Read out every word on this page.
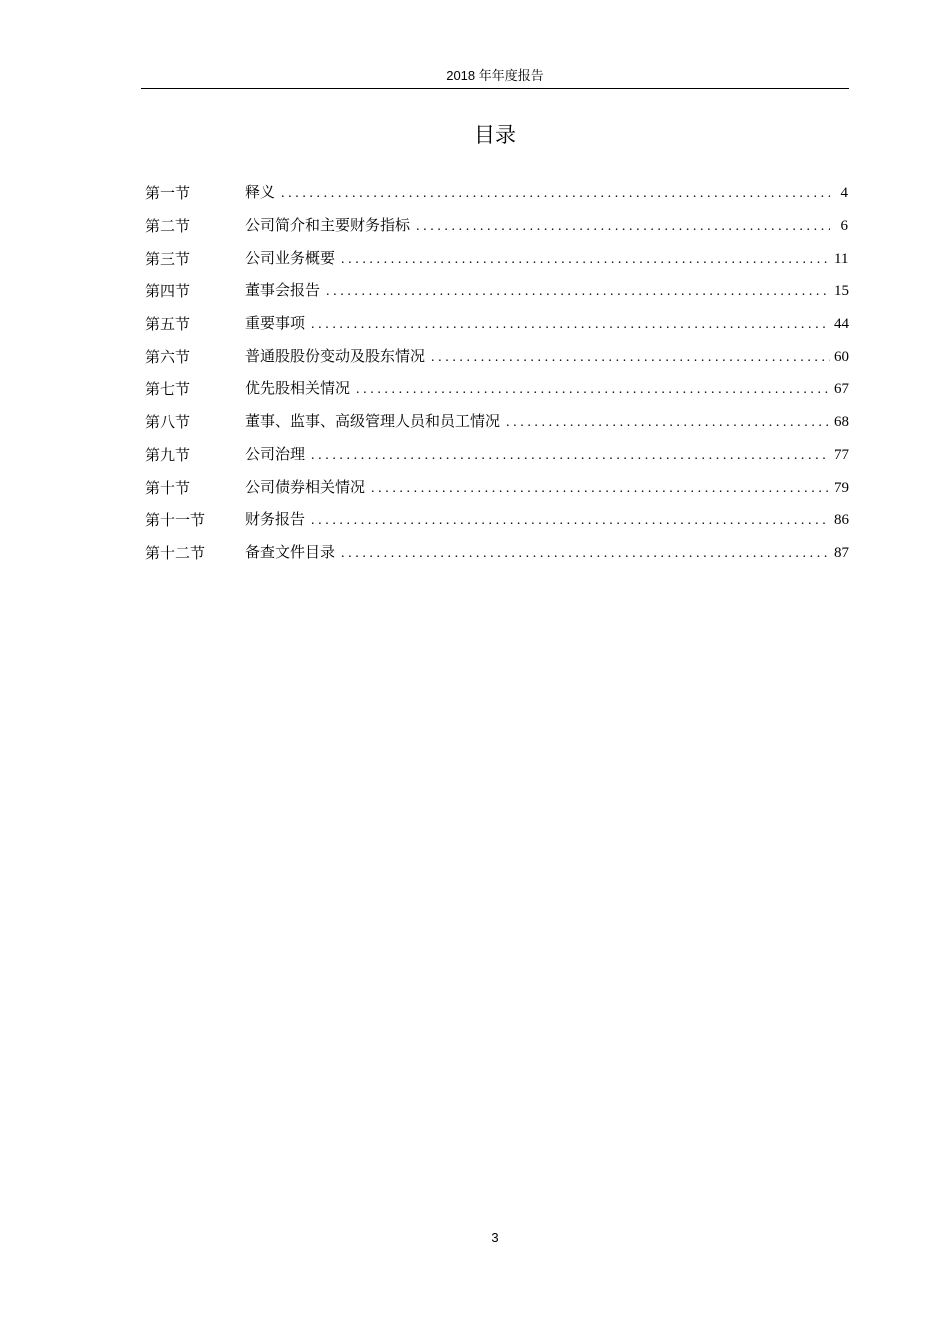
2018 年年度报告
目录
第一节	释义 .....	4
第二节	公司简介和主要财务指标 .....	6
第三节	公司业务概要 .....	11
第四节	董事会报告 .....	15
第五节	重要事项 .....	44
第六节	普通股股份变动及股东情况 .....	60
第七节	优先股相关情况 .....	67
第八节	董事、监事、高级管理人员和员工情况 .....	68
第九节	公司治理 .....	77
第十节	公司债券相关情况 .....	79
第十一节	财务报告 .....	86
第十二节	备查文件目录 .....	87
3
